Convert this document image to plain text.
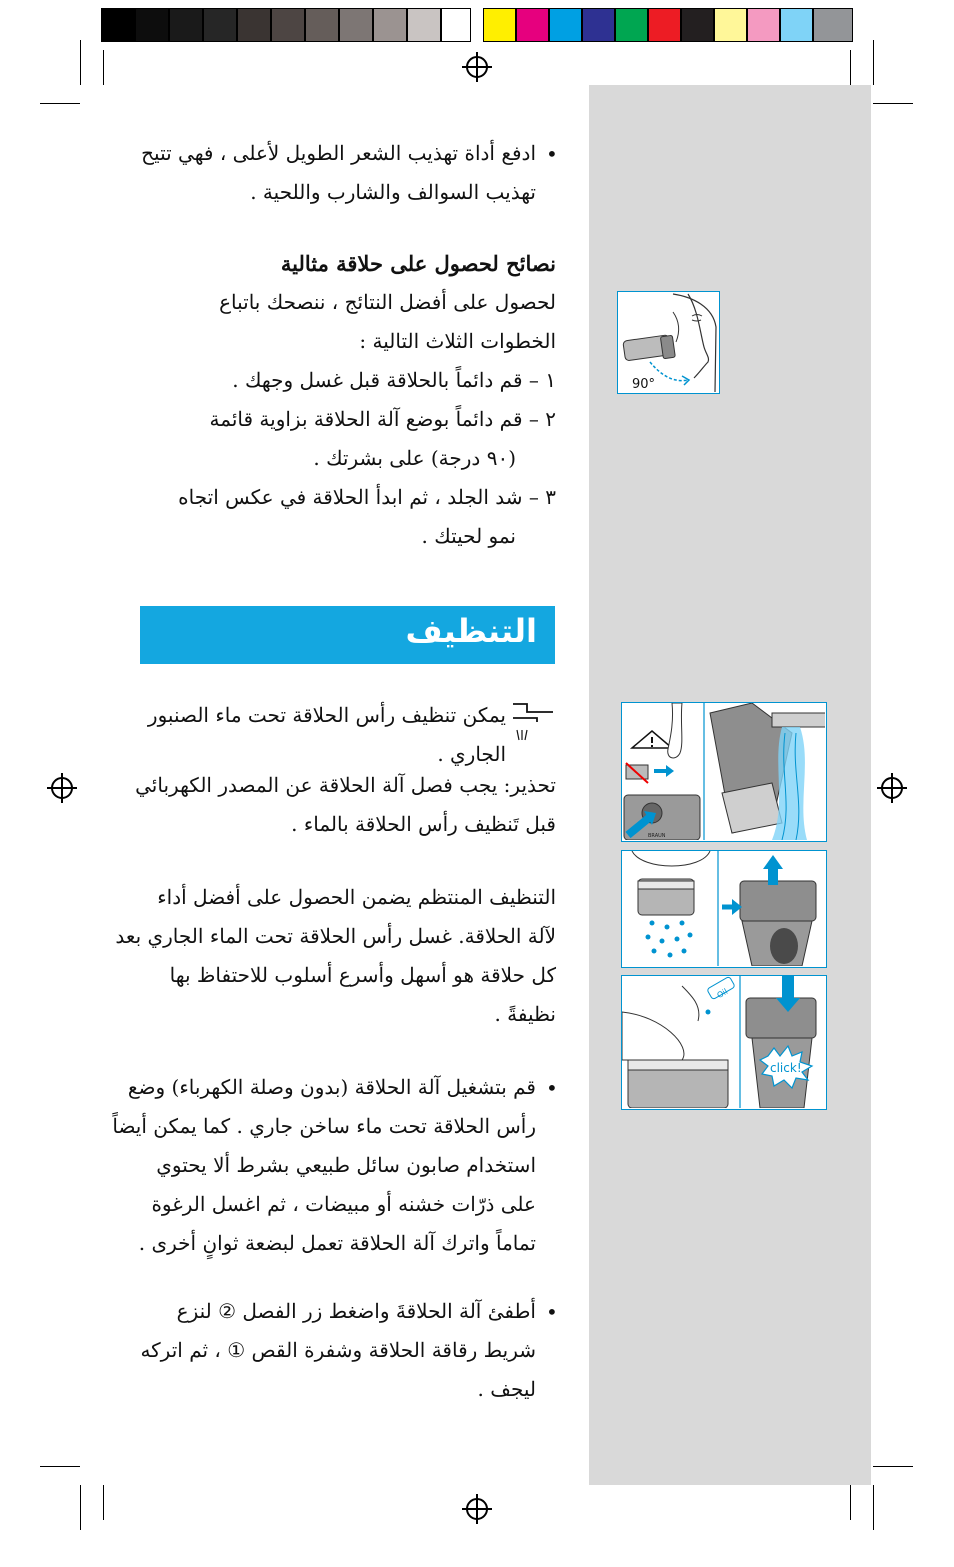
90°
BRAUN
Oil
click!
•
ادفع أداة تهذيب الشعر الطويل لأعلى ، فهي تتيح
تهذيب السوالف والشارب واللحية .
نصائح لحصول على حلاقة مثالية
لحصول على أفضل النتائج ، ننصحك باتباع
الخطوات الثلاث التالية :
١ – قم دائماً بالحلاقة قبل غسل وجهك .
٢ – قم دائماً بوضع آلة الحلاقة بزاوية قائمة
(٩٠ درجة) على بشرتك .
٣ – شد الجلد ، ثم ابدأ الحلاقة في عكس اتجاه
نمو لحيتك .
التنظيف
يمكن تنظيف رأس الحلاقة تحت ماء الصنبور
الجاري .
تحذير: يجب فصل آلة الحلاقة عن المصدر الكهربائي
قبل تَنظيف رأس الحلاقة بالماء .
التنظيف المنتظم يضمن الحصول على أفضل أداء
لآلة الحلاقة. غسل رأس الحلاقة تحت الماء الجاري بعد
كل حلاقة هو أسهل وأسرع أسلوب للاحتفاظ بها
نظيفةً .
•
قم بتشغيل آلة الحلاقة (بدون وصلة الكهرباء) وضع
رأس الحلاقة تحت ماء ساخن جاري . كما يمكن أيضاً
استخدام صابون سائل طبيعي بشرط ألا يحتوي
على ذرّات خشنه أو مبيضات ، ثم اغسل الرغوة
تماماً واترك آلة الحلاقة تعمل لبضعة ثوانٍ أخرى .
•
أطفئ آلة الحلاقةَ واضغط زر الفصل ② لنزع
شريط رقاقة الحلاقة وشفرة القص ① ، ثم اتركه
ليجف .
